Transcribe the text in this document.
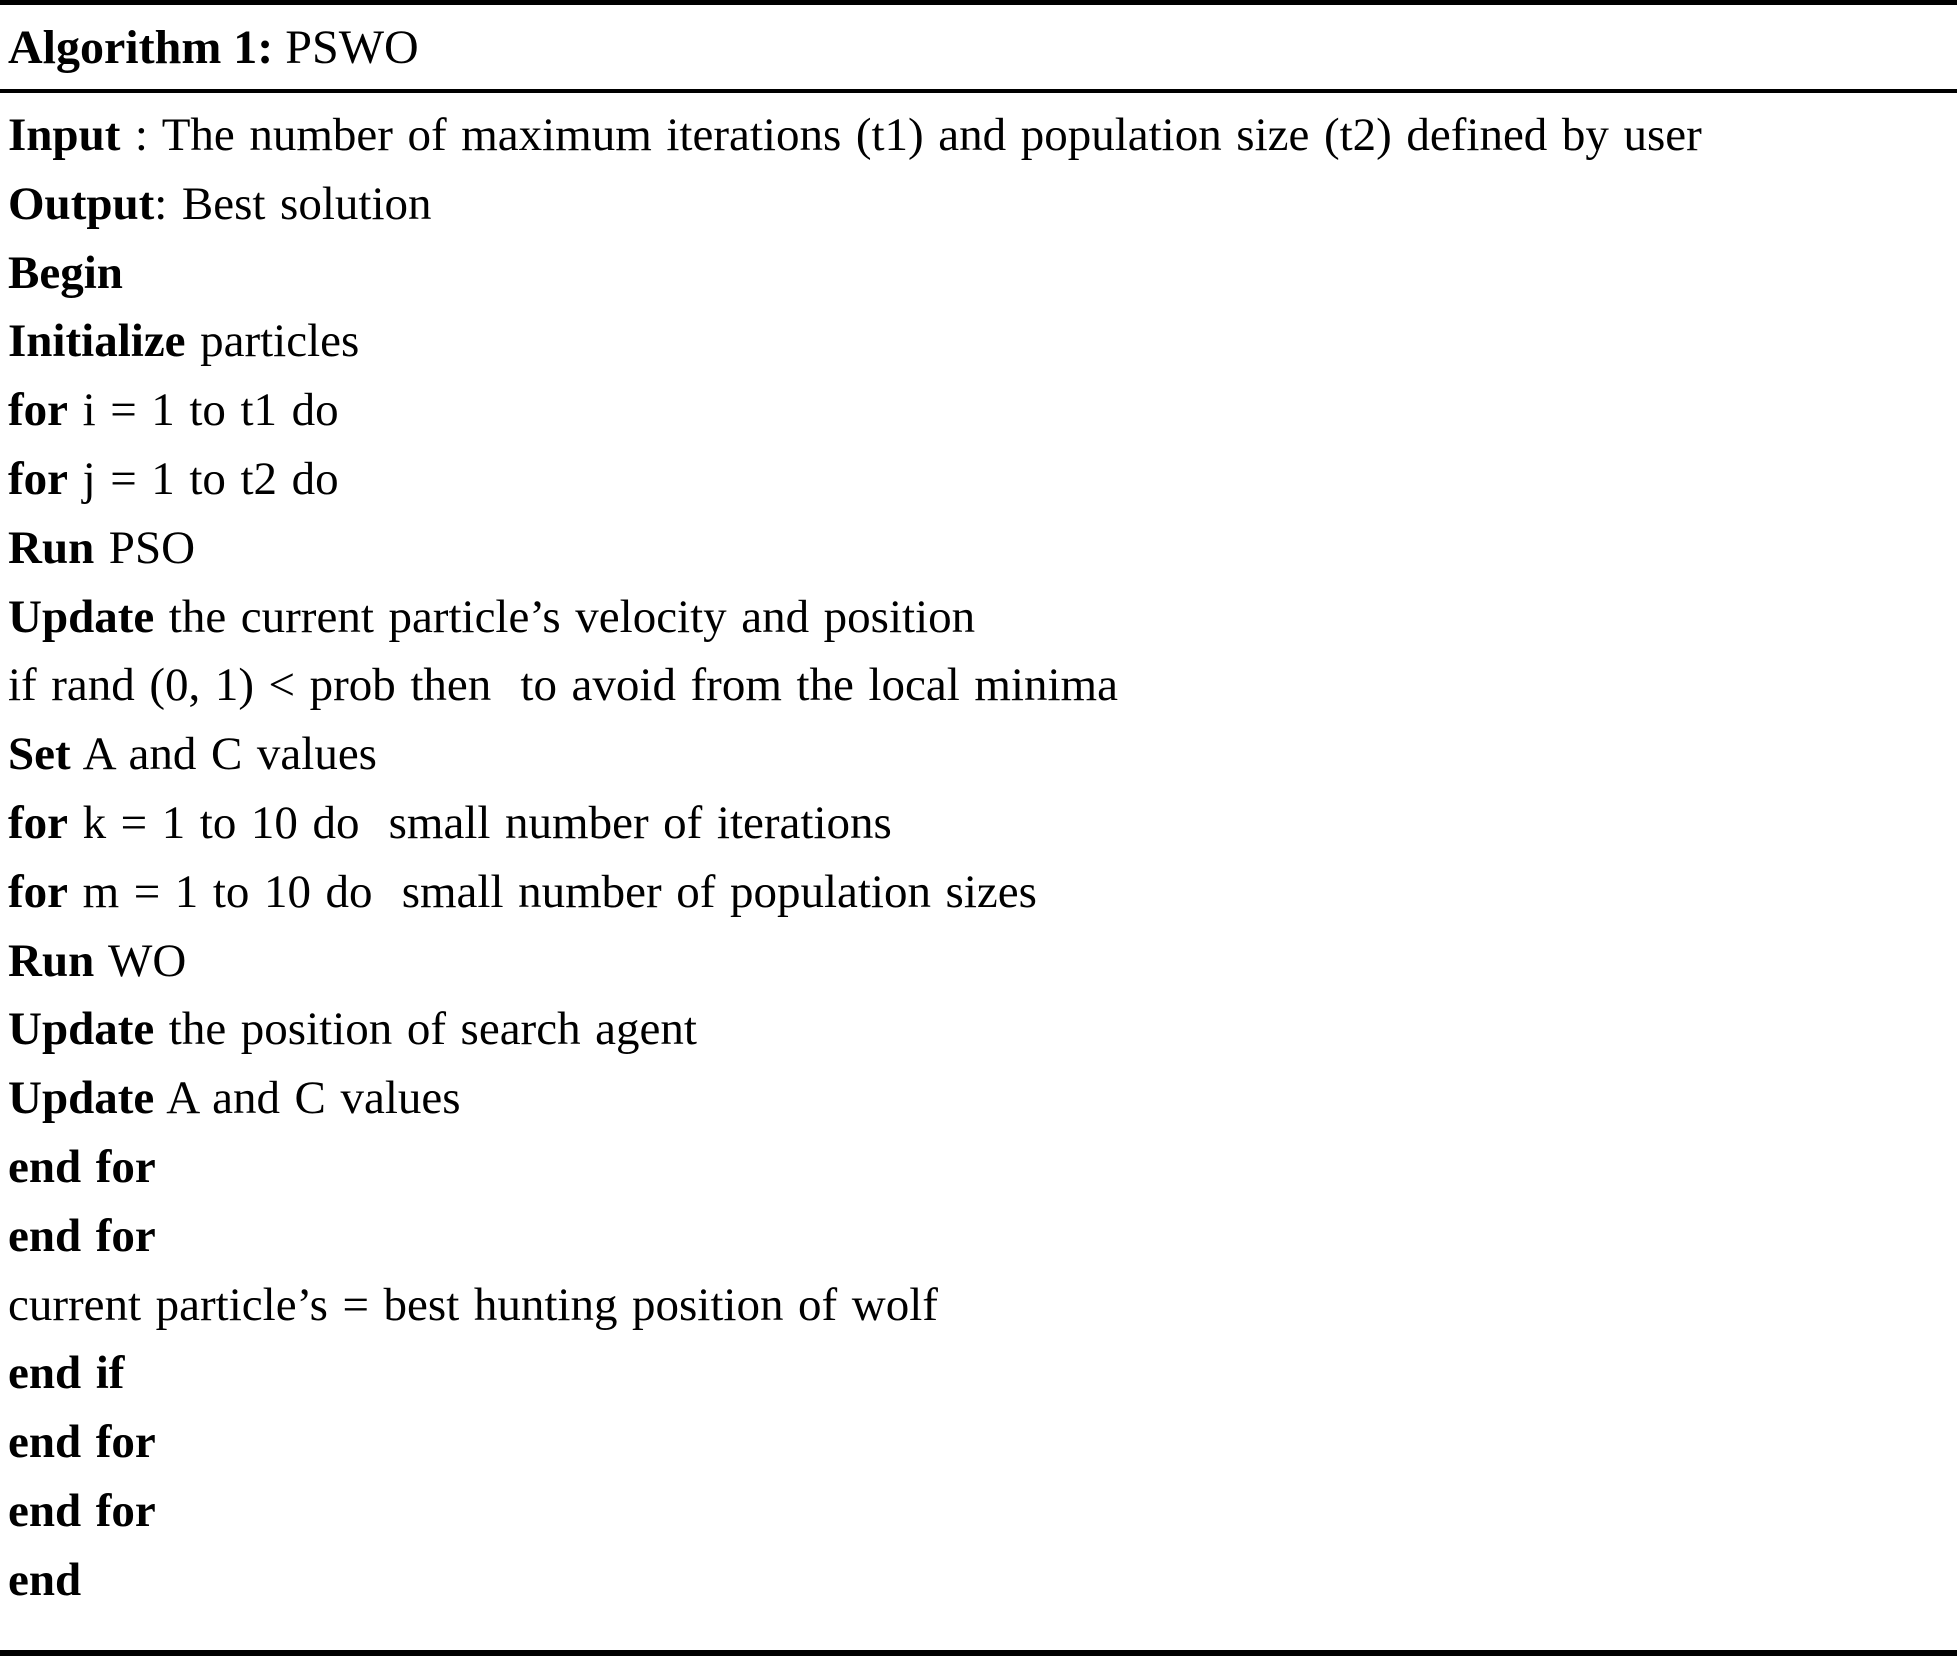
Algorithm 1: PSWO
Input : The number of maximum iterations (t1) and population size (t2) defined by user
Output: Best solution
Begin
Initialize particles
for i = 1 to t1 do
for j = 1 to t2 do
Run PSO
Update the current particle’s velocity and position
if rand (0, 1) < prob then  to avoid from the local minima
Set A and C values
for k = 1 to 10 do  small number of iterations
for m = 1 to 10 do  small number of population sizes
Run WO
Update the position of search agent
Update A and C values
end for
end for
current particle’s = best hunting position of wolf
end if
end for
end for
end
